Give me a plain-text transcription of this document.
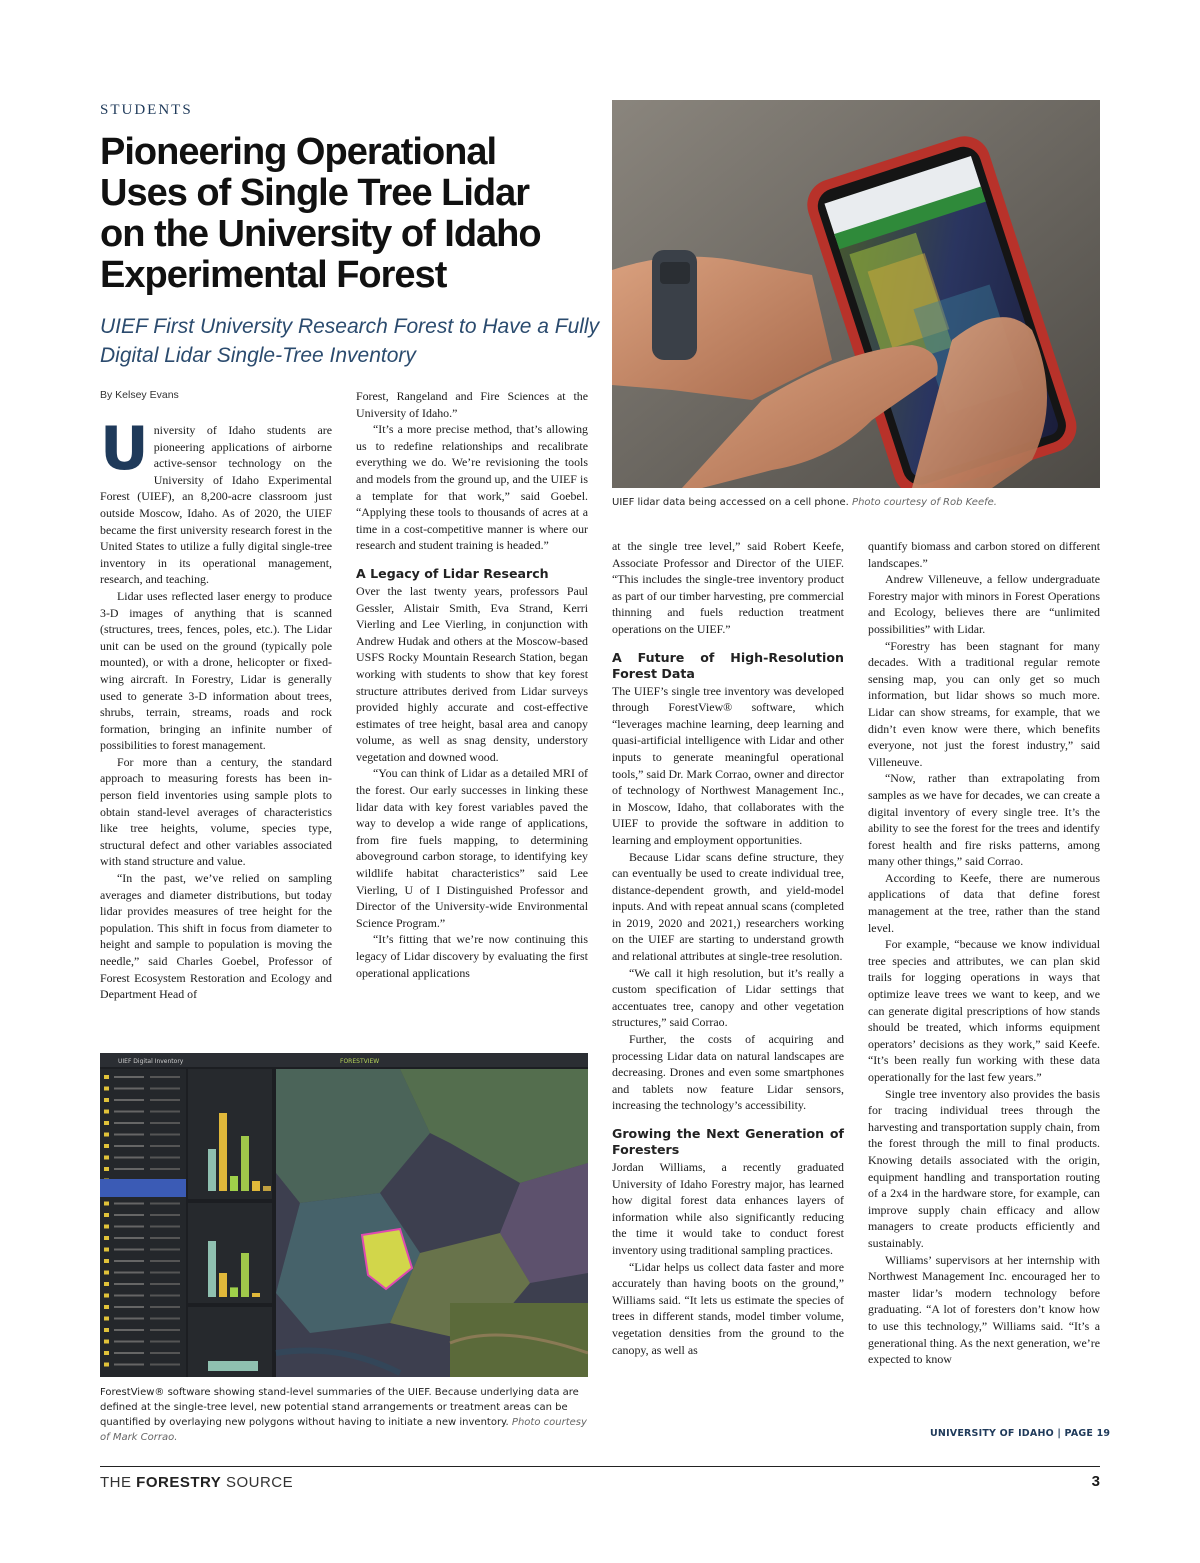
STUDENTS
Pioneering Operational
Uses of Single Tree Lidar
on the University of Idaho
Experimental Forest
UIEF First University Research Forest to Have a Fully
Digital Lidar Single-Tree Inventory
By Kelsey Evans
UIEF lidar data being accessed on a cell phone. Photo courtesy of Rob Keefe.

University of Idaho students are pioneering applications of airborne active-sensor technology on the University of Idaho Experimental Forest (UIEF), an 8,200-acre classroom just outside Moscow, Idaho. As of 2020, the UIEF became the first university research forest in the United States to utilize a fully digital single-tree inventory in its operational management, research, and teaching.

Lidar uses reflected laser energy to produce 3-D images of anything that is scanned (structures, trees, fences, poles, etc.). The Lidar unit can be used on the ground (typically pole mounted), or with a drone, helicopter or fixed-wing aircraft. In Forestry, Lidar is generally used to generate 3-D information about trees, shrubs, terrain, streams, roads and rock formation, bringing an infinite number of possibilities to forest management.

For more than a century, the standard approach to measuring forests has been in-person field inventories using sample plots to obtain stand-level averages of characteristics like tree heights, volume, species type, structural defect and other variables associated with stand structure and value.

“In the past, we’ve relied on sampling averages and diameter distributions, but today lidar provides measures of tree height for the population. This shift in focus from diameter to height and sample to population is moving the needle,” said Charles Goebel, Professor of Forest Ecosystem Restoration and Ecology and Department Head of

Forest, Rangeland and Fire Sciences at the University of Idaho.”

“It’s a more precise method, that’s allowing us to redefine relationships and recalibrate everything we do. We’re revisioning the tools and models from the ground up, and the UIEF is a template for that work,” said Goebel. “Applying these tools to thousands of acres at a time in a cost-competitive manner is where our research and student training is headed.”

A Legacy of Lidar Research

Over the last twenty years, professors Paul Gessler, Alistair Smith, Eva Strand, Kerri Vierling and Lee Vierling, in conjunction with Andrew Hudak and others at the Moscow-based USFS Rocky Mountain Research Station, began working with students to show that key forest structure attributes derived from Lidar surveys provided highly accurate and cost-effective estimates of tree height, basal area and canopy volume, as well as snag density, understory vegetation and downed wood.

“You can think of Lidar as a detailed MRI of the forest. Our early successes in linking these lidar data with key forest variables paved the way to develop a wide range of applications, from fire fuels mapping, to determining aboveground carbon storage, to identifying key wildlife habitat characteristics” said Lee Vierling, U of I Distinguished Professor and Director of the University-wide Environmental Science Program.”

“It’s fitting that we’re now continuing this legacy of Lidar discovery by evaluating the first operational applications

at the single tree level,” said Robert Keefe, Associate Professor and Director of the UIEF. “This includes the single-tree inventory product as part of our timber harvesting, pre commercial thinning and fuels reduction treatment operations on the UIEF.”

A Future of High-Resolution Forest Data

The UIEF’s single tree inventory was developed through ForestView® software, which “leverages machine learning, deep learning and quasi-artificial intelligence with Lidar and other inputs to generate meaningful operational tools,” said Dr. Mark Corrao, owner and director of technology of Northwest Management Inc., in Moscow, Idaho, that collaborates with the UIEF to provide the software in addition to learning and employment opportunities.

Because Lidar scans define structure, they can eventually be used to create individual tree, distance-dependent growth, and yield-model inputs. And with repeat annual scans (completed in 2019, 2020 and 2021,) researchers working on the UIEF are starting to understand growth and relational attributes at single-tree resolution.

“We call it high resolution, but it’s really a custom specification of Lidar settings that accentuates tree, canopy and other vegetation structures,” said Corrao.

Further, the costs of acquiring and processing Lidar data on natural landscapes are decreasing. Drones and even some smartphones and tablets now feature Lidar sensors, increasing the technology’s accessibility.

Growing the Next Generation of Foresters

Jordan Williams, a recently graduated University of Idaho Forestry major, has learned how digital forest data enhances layers of information while also significantly reducing the time it would take to conduct forest inventory using traditional sampling practices.

“Lidar helps us collect data faster and more accurately than having boots on the ground,” Williams said. “It lets us estimate the species of trees in different stands, model timber volume, vegetation densities from the ground to the canopy, as well as

quantify biomass and carbon stored on different landscapes.”

Andrew Villeneuve, a fellow undergraduate Forestry major with minors in Forest Operations and Ecology, believes there are “unlimited possibilities” with Lidar.

“Forestry has been stagnant for many decades. With a traditional regular remote sensing map, you can only get so much information, but lidar shows so much more. Lidar can show streams, for example, that we didn’t even know were there, which benefits everyone, not just the forest industry,” said Villeneuve.

“Now, rather than extrapolating from samples as we have for decades, we can create a digital inventory of every single tree. It’s the ability to see the forest for the trees and identify forest health and fire risks patterns, among many other things,” said Corrao.

According to Keefe, there are numerous applications of data that define forest management at the tree, rather than the stand level.

For example, “because we know individual tree species and attributes, we can plan skid trails for logging operations in ways that optimize leave trees we want to keep, and we can generate digital prescriptions of how stands should be treated, which informs equipment operators’ decisions as they work,” said Keefe. “It’s been really fun working with these data operationally for the last few years.”

Single tree inventory also provides the basis for tracing individual trees through the harvesting and transportation supply chain, from the forest through the mill to final products. Knowing details associated with the origin, equipment handling and transportation routing of a 2x4 in the hardware store, for example, can improve supply chain efficacy and allow managers to create products efficiently and sustainably.

Williams’ supervisors at her internship with Northwest Management Inc. encouraged her to master lidar’s modern technology before graduating. “A lot of foresters don’t know how to use this technology,” Williams said. “It’s a generational thing. As the next generation, we’re expected to know

UNIVERSITY OF IDAHO | PAGE 19
UIEF Digital Inventory	FORESTVIEW
ForestView® software showing stand-level summaries of the UIEF. Because underlying data are defined at the single-tree level, new potential stand arrangements or treatment areas can be quantified by overlaying new polygons without having to initiate a new inventory. Photo courtesy of Mark Corrao.
THE FORESTRY SOURCE	3
